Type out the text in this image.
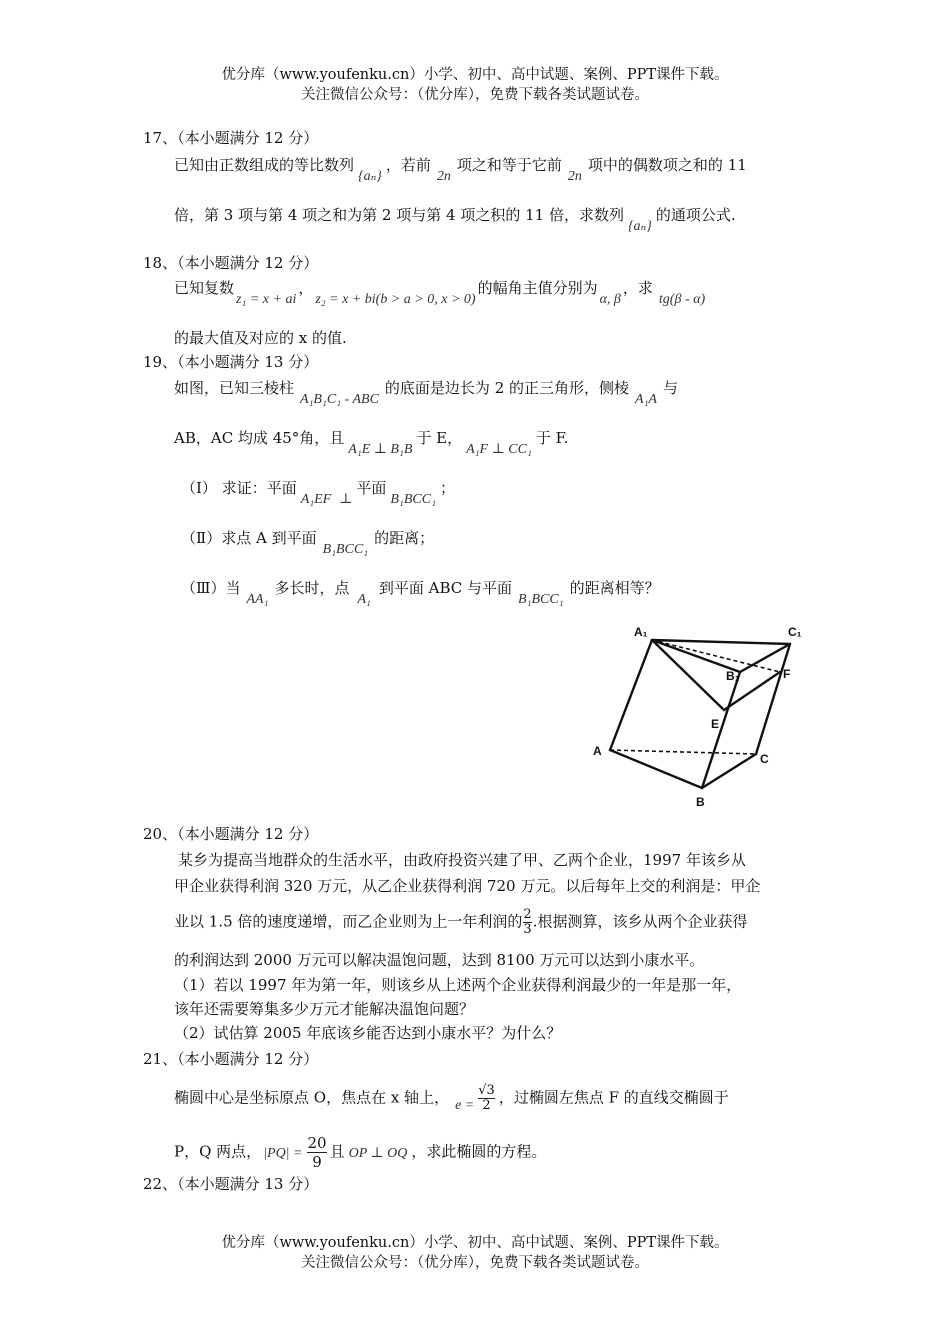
优分库（www.youfenku.cn）小学、初中、高中试题、案例、PPT课件下载。
关注微信公众号：（优分库），免费下载各类试题试卷。
17、（本小题满分 12 分）
已知由正数组成的等比数列{aₙ}，若前2n项之和等于它前2n项中的偶数项之和的 11
倍，第 3 项与第 4 项之和为第 2 项与第 4 项之积的 11 倍，求数列{aₙ}的通项公式.
18、（本小题满分 12 分）
已知复数z₁ = x + ai，z₂ = x + bi(b > a > 0, x > 0)的幅角主值分别为α, β，求tg(β - α)
的最大值及对应的 x 的值.
19、（本小题满分 13 分）
如图，已知三棱柱A₁B₁C₁ - ABC的底面是边长为 2 的正三角形，侧棱A₁A与
AB，AC 均成 45°角，且A₁E ⊥ B₁B于 E，A₁F ⊥ CC₁于 F.
（I） 求证：平面A₁EF ⊥平面B₁BCC₁；
（Ⅱ）求点 A 到平面B₁BCC₁的距离；
（Ⅲ）当AA₁多长时，点A₁到平面 ABC 与平面B₁BCC₁的距离相等？
A₁	C₁
B₁	F
E
A
C
B
20、（本小题满分 12 分）
某乡为提高当地群众的生活水平，由政府投资兴建了甲、乙两个企业，1997 年该乡从
甲企业获得利润 320 万元，从乙企业获得利润 720 万元。以后每年上交的利润是：甲企
业以 1.5 倍的速度递增，而乙企业则为上一年利润的 $\frac{2}{3}$ .根据测算，该乡从两个企业获得
的利润达到 2000 万元可以解决温饱问题，达到 8100 万元可以达到小康水平。
（1）若以 1997 年为第一年，则该乡从上述两个企业获得利润最少的一年是那一年，
该年还需要筹集多少万元才能解决温饱问题？
（2）试估算 2005 年底该乡能否达到小康水平？为什么？
21、（本小题满分 12 分）
椭圆中心是坐标原点 O，焦点在 x 轴上， $e = \frac{√3}{2}$ ，过椭圆左焦点 F 的直线交椭圆于
P，Q 两点， $|PQ| = \frac{20}{9}$ 且 OP ⊥ OQ ，求此椭圆的方程。
22、（本小题满分 13 分）
优分库（www.youfenku.cn）小学、初中、高中试题、案例、PPT课件下载。
关注微信公众号：（优分库），免费下载各类试题试卷。
